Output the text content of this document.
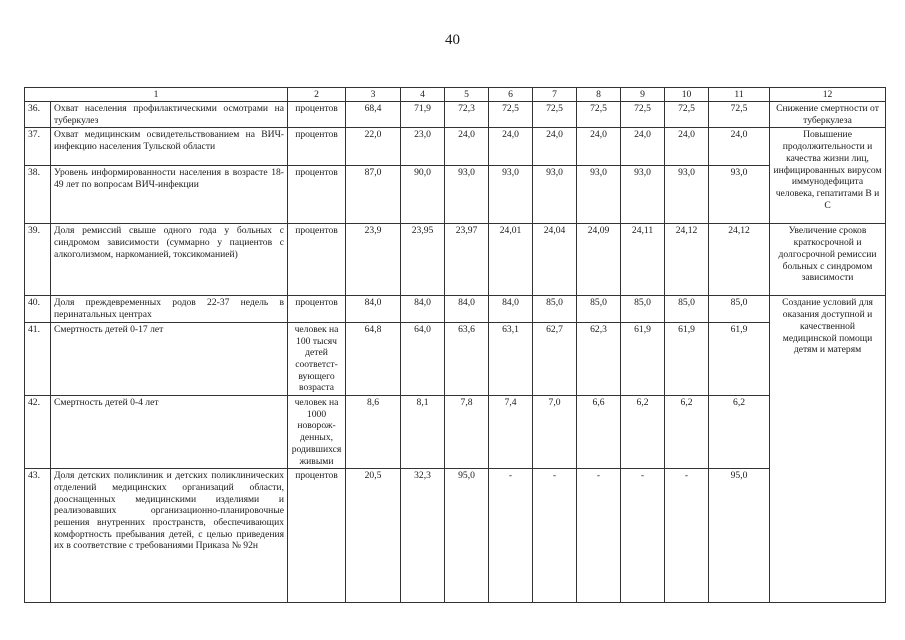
40
1		2	3	4	5	6	7	8	9	10	11	12
36.	Охват населения профилактическими осмотрами на туберкулез	процентов	68,4	71,9	72,3	72,5	72,5	72,5	72,5	72,5	72,5	Снижение смертности от туберкулеза
37.	Охват медицинским освидетельствованием на ВИЧ-инфекцию населения Тульской области	процентов	22,0	23,0	24,0	24,0	24,0	24,0	24,0	24,0	24,0	Повышение продолжительности и качества жизни лиц, инфицированных вирусом иммунодефицита человека, гепатитами В и С
38.	Уровень информированности населения в возрасте 18-49 лет по вопросам ВИЧ-инфекции	процентов	87,0	90,0	93,0	93,0	93,0	93,0	93,0	93,0	93,0	
39.	Доля ремиссий свыше одного года у больных с синдромом зависимости (суммарно у пациентов с алкоголизмом, наркоманией, токсикоманией)	процентов	23,9	23,95	23,97	24,01	24,04	24,09	24,11	24,12	24,12	Увеличение сроков краткосрочной и долгосрочной ремиссии больных с синдромом зависимости
40.	Доля преждевременных родов 22-37 недель в перинатальных центрах	процентов	84,0	84,0	84,0	84,0	85,0	85,0	85,0	85,0	85,0	Создание условий для оказания доступной и качественной медицинской помощи детям и матерям
41.	Смертность детей 0-17 лет	человек на 100 тысяч детей соответст-вующего возраста	64,8	64,0	63,6	63,1	62,7	62,3	61,9	61,9	61,9	
42.	Смертность детей 0-4 лет	человек на 1000 новорож-денных, родившихся живыми	8,6	8,1	7,8	7,4	7,0	6,6	6,2	6,2	6,2	
43.	Доля детских поликлиник и детских поликлинических отделений медицинских организаций области, дооснащенных медицинскими изделиями и реализовавших организационно-планировочные решения внутренних пространств, обеспечивающих комфортность пребывания детей, с целью приведения их в соответствие с требованиями Приказа № 92н	процентов	20,5	32,3	95,0	-	-	-	-	-	95,0	
